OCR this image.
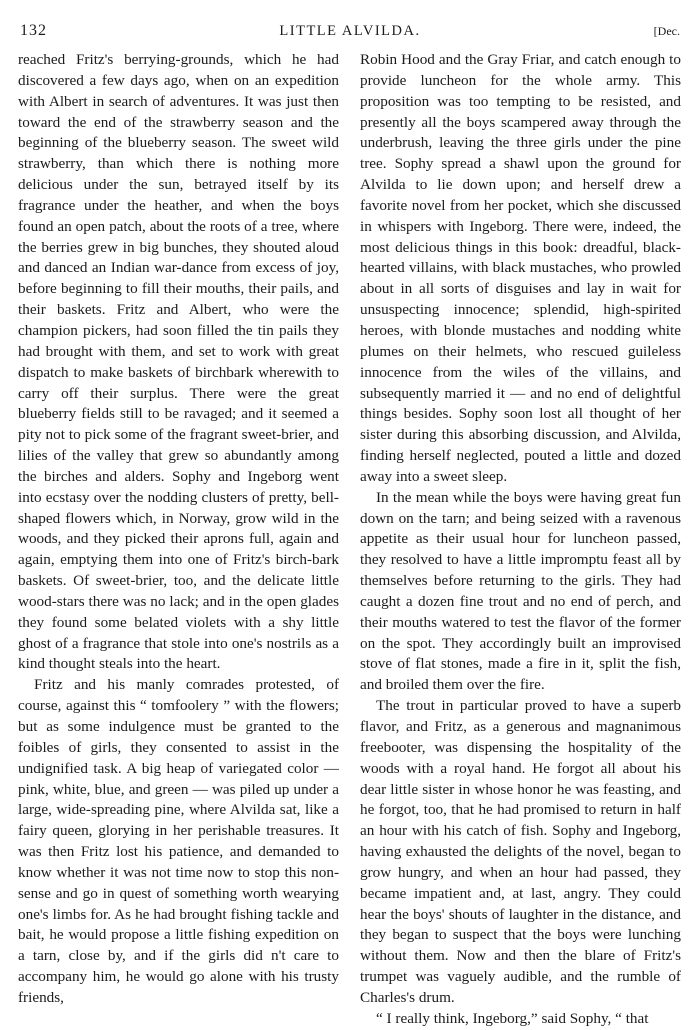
132	LITTLE ALVILDA.	[Dec.

reached Fritz's berrying-grounds, which he had discovered a few days ago, when on an expedition with Albert in search of adventures. It was just then toward the end of the strawberry season and the beginning of the blueberry season. The sweet wild strawberry, than which there is nothing more delicious under the sun, betrayed itself by its fragrance under the heather, and when the boys found an open patch, about the roots of a tree, where the berries grew in big bunches, they shouted aloud and danced an Indian war-dance from excess of joy, before beginning to fill their mouths, their pails, and their baskets. Fritz and Albert, who were the champion pickers, had soon filled the tin pails they had brought with them, and set to work with great dispatch to make baskets of birchbark wherewith to carry off their surplus. There were the great blueberry fields still to be ravaged; and it seemed a pity not to pick some of the fragrant sweet-brier, and lilies of the valley that grew so abundantly among the birches and alders. Sophy and Ingeborg went into ecstasy over the nodding clusters of pretty, bell-shaped flowers which, in Norway, grow wild in the woods, and they picked their aprons full, again and again, emptying them into one of Fritz's birch-bark baskets. Of sweet-brier, too, and the delicate little wood-stars there was no lack; and in the open glades they found some belated violets with a shy little ghost of a fragrance that stole into one's nostrils as a kind thought steals into the heart.

Fritz and his manly comrades protested, of course, against this “ tomfoolery ” with the flowers; but as some indulgence must be granted to the foibles of girls, they consented to assist in the undignified task. A big heap of variegated color — pink, white, blue, and green — was piled up under a large, wide-spreading pine, where Alvilda sat, like a fairy queen, glorying in her perishable treasures. It was then Fritz lost his patience, and demanded to know whether it was not time now to stop this nonsense and go in quest of something worth wearying one's limbs for. As he had brought fishing tackle and bait, he would propose a little fishing expedition on a tarn, close by, and if the girls did n't care to accompany him, he would go alone with his trusty friends,

Robin Hood and the Gray Friar, and catch enough to provide luncheon for the whole army. This proposition was too tempting to be resisted, and presently all the boys scampered away through the underbrush, leaving the three girls under the pine tree. Sophy spread a shawl upon the ground for Alvilda to lie down upon; and herself drew a favorite novel from her pocket, which she discussed in whispers with Ingeborg. There were, indeed, the most delicious things in this book: dreadful, black-hearted villains, with black mustaches, who prowled about in all sorts of disguises and lay in wait for unsuspecting innocence; splendid, high-spirited heroes, with blonde mustaches and nodding white plumes on their helmets, who rescued guileless innocence from the wiles of the villains, and subsequently married it — and no end of delightful things besides. Sophy soon lost all thought of her sister during this absorbing discussion, and Alvilda, finding herself neglected, pouted a little and dozed away into a sweet sleep.

In the mean while the boys were having great fun down on the tarn; and being seized with a ravenous appetite as their usual hour for luncheon passed, they resolved to have a little impromptu feast all by themselves before returning to the girls. They had caught a dozen fine trout and no end of perch, and their mouths watered to test the flavor of the former on the spot. They accordingly built an improvised stove of flat stones, made a fire in it, split the fish, and broiled them over the fire.

The trout in particular proved to have a superb flavor, and Fritz, as a generous and magnanimous freebooter, was dispensing the hospitality of the woods with a royal hand. He forgot all about his dear little sister in whose honor he was feasting, and he forgot, too, that he had promised to return in half an hour with his catch of fish. Sophy and Ingeborg, having exhausted the delights of the novel, began to grow hungry, and when an hour had passed, they became impatient and, at last, angry. They could hear the boys' shouts of laughter in the distance, and they began to suspect that the boys were lunching without them. Now and then the blare of Fritz's trumpet was vaguely audible, and the rumble of Charles's drum.

“ I really think, Ingeborg,” said Sophy, “ that
